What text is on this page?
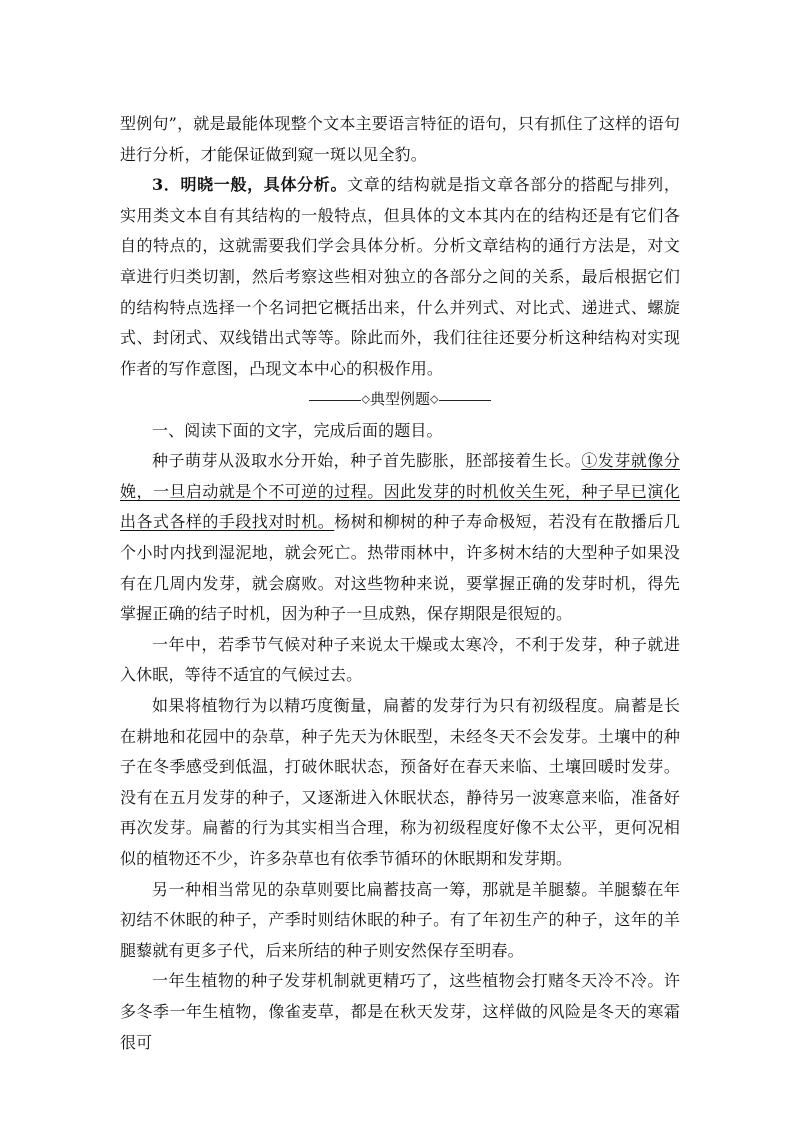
型例句”，就是最能体现整个文本主要语言特征的语句，只有抓住了这样的语句进行分析，才能保证做到窥一斑以见全豹。

3．明晓一般，具体分析。文章的结构就是指文章各部分的搭配与排列，实用类文本自有其结构的一般特点，但具体的文本其内在的结构还是有它们各自的特点的，这就需要我们学会具体分析。分析文章结构的通行方法是，对文章进行归类切割，然后考察这些相对独立的各部分之间的关系，最后根据它们的结构特点选择一个名词把它概括出来，什么并列式、对比式、递进式、螺旋式、封闭式、双线错出式等等。除此而外，我们往往还要分析这种结构对实现作者的写作意图，凸现文本中心的积极作用。

◇典型例题◇

一、阅读下面的文字，完成后面的题目。

种子萌芽从汲取水分开始，种子首先膨胀，胚部接着生长。①发芽就像分娩，一旦启动就是个不可逆的过程。因此发芽的时机攸关生死，种子早已演化出各式各样的手段找对时机。杨树和柳树的种子寿命极短，若没有在散播后几个小时内找到湿泥地，就会死亡。热带雨林中，许多树木结的大型种子如果没有在几周内发芽，就会腐败。对这些物种来说，要掌握正确的发芽时机，得先掌握正确的结子时机，因为种子一旦成熟，保存期限是很短的。

一年中，若季节气候对种子来说太干燥或太寒冷，不利于发芽，种子就进入休眠，等待不适宜的气候过去。

如果将植物行为以精巧度衡量，扁蓄的发芽行为只有初级程度。扁蓄是长在耕地和花园中的杂草，种子先天为休眠型，未经冬天不会发芽。土壤中的种子在冬季感受到低温，打破休眠状态，预备好在春天来临、土壤回暖时发芽。没有在五月发芽的种子，又逐渐进入休眠状态，静待另一波寒意来临，准备好再次发芽。扁蓄的行为其实相当合理，称为初级程度好像不太公平，更何况相似的植物还不少，许多杂草也有依季节循环的休眠期和发芽期。

另一种相当常见的杂草则要比扁蓄技高一筹，那就是羊腿藜。羊腿藜在年初结不休眠的种子，产季时则结休眠的种子。有了年初生产的种子，这年的羊腿藜就有更多子代，后来所结的种子则安然保存至明春。

一年生植物的种子发芽机制就更精巧了，这些植物会打赌冬天冷不冷。许多冬季一年生植物，像雀麦草，都是在秋天发芽，这样做的风险是冬天的寒霜很可
